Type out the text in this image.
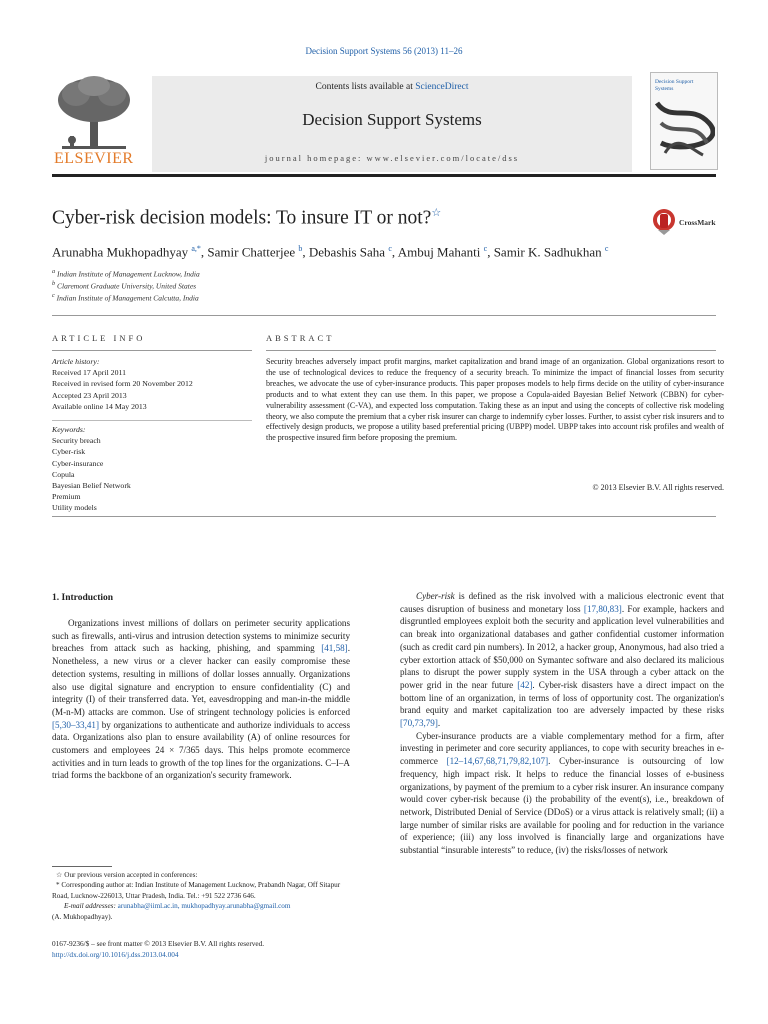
Decision Support Systems 56 (2013) 11–26
ELSEVIER
Contents lists available at ScienceDirect
Decision Support Systems
journal homepage: www.elsevier.com/locate/dss
Decision Support Systems
Cyber-risk decision models: To insure IT or not?☆
CrossMark
Arunabha Mukhopadhyay $^{a,*}$, Samir Chatterjee $^b$, Debashis Saha $^c$, Ambuj Mahanti $^c$, Samir K. Sadhukhan $^c$
$^a$ Indian Institute of Management Lucknow, India
$^b$ Claremont Graduate University, United States
$^c$ Indian Institute of Management Calcutta, India
ARTICLE INFO	ABSTRACT
Article history:
Received 17 April 2011
Received in revised form 20 November 2012
Accepted 23 April 2013
Available online 14 May 2013
Keywords:
Security breach
Cyber-risk
Cyber-insurance
Copula
Bayesian Belief Network
Premium
Utility models
Security breaches adversely impact profit margins, market capitalization and brand image of an organization. Global organizations resort to the use of technological devices to reduce the frequency of a security breach. To minimize the impact of financial losses from security breaches, we advocate the use of cyber-insurance products. This paper proposes models to help firms decide on the utility of cyber-insurance products and to what extent they can use them. In this paper, we propose a Copula-aided Bayesian Belief Network (CBBN) for cyber-vulnerability assessment (C-VA), and expected loss computation. Taking these as an input and using the concepts of collective risk modeling theory, we also compute the premium that a cyber risk insurer can charge to indemnify cyber losses. Further, to assist cyber risk insurers and to effectively design products, we propose a utility based preferential pricing (UBPP) model. UBPP takes into account risk profiles and wealth of the prospective insured firm before proposing the premium.
© 2013 Elsevier B.V. All rights reserved.
1. Introduction

Organizations invest millions of dollars on perimeter security applications such as firewalls, anti-virus and intrusion detection systems to minimize security breaches from attack such as hacking, phishing, and spamming [41,58]. Nonetheless, a new virus or a clever hacker can easily compromise these detection systems, resulting in millions of dollar losses annually. Organizations also use digital signature and encryption to ensure confidentiality (C) and integrity (I) of their transferred data. Yet, eavesdropping and man-in-the middle (M-n-M) attacks are common. Use of stringent technology policies is enforced [5,30–33,41] by organizations to authenticate and authorize individuals to access data. Organizations also plan to ensure availability (A) of online resources for customers and employees 24 × 7/365 days. This helps promote ecommerce activities and in turn leads to growth of the top lines for the organizations. C–I–A triad forms the backbone of an organization's security framework.

Cyber-risk is defined as the risk involved with a malicious electronic event that causes disruption of business and monetary loss [17,80,83]. For example, hackers and disgruntled employees exploit both the security and application level vulnerabilities and can break into organizational databases and gather confidential customer information (such as credit card pin numbers). In 2012, a hacker group, Anonymous, had also tried a cyber extortion attack of $50,000 on Symantec software and also declared its malicious plans to disrupt the power supply system in the USA through a cyber attack on the power grid in the near future [42]. Cyber-risk disasters have a direct impact on the bottom line of an organization, in terms of loss of opportunity cost. The organization's brand equity and market capitalization too are adversely impacted by these risks [70,73,79].

Cyber-insurance products are a viable complementary method for a firm, after investing in perimeter and core security appliances, to cope with security breaches in e-commerce [12–14,67,68,71,79,82,107]. Cyber-insurance is outsourcing of low frequency, high impact risk. It helps to reduce the financial losses of e-business organizations, by payment of the premium to a cyber risk insurer. An insurance company would cover cyber-risk because (i) the probability of the event(s), i.e., breakdown of network, Distributed Denial of Service (DDoS) or a virus attack is relatively small; (ii) a large number of similar risks are available for pooling and for reduction in the variance of experience; (iii) any loss involved is financially large and organizations have substantial “insurable interests” to reduce, (iv) the risks/losses of network

☆ Our previous version accepted in conferences:
* Corresponding author at: Indian Institute of Management Lucknow, Prabandh Nagar, Off Sitapur Road, Lucknow-226013, Uttar Pradesh, India. Tel.: +91 522 2736 646.
E-mail addresses: arunabha@iiml.ac.in, mukhopadhyay.arunabha@gmail.com
(A. Mukhopadhyay).
0167-9236/$ – see front matter © 2013 Elsevier B.V. All rights reserved.
http://dx.doi.org/10.1016/j.dss.2013.04.004
